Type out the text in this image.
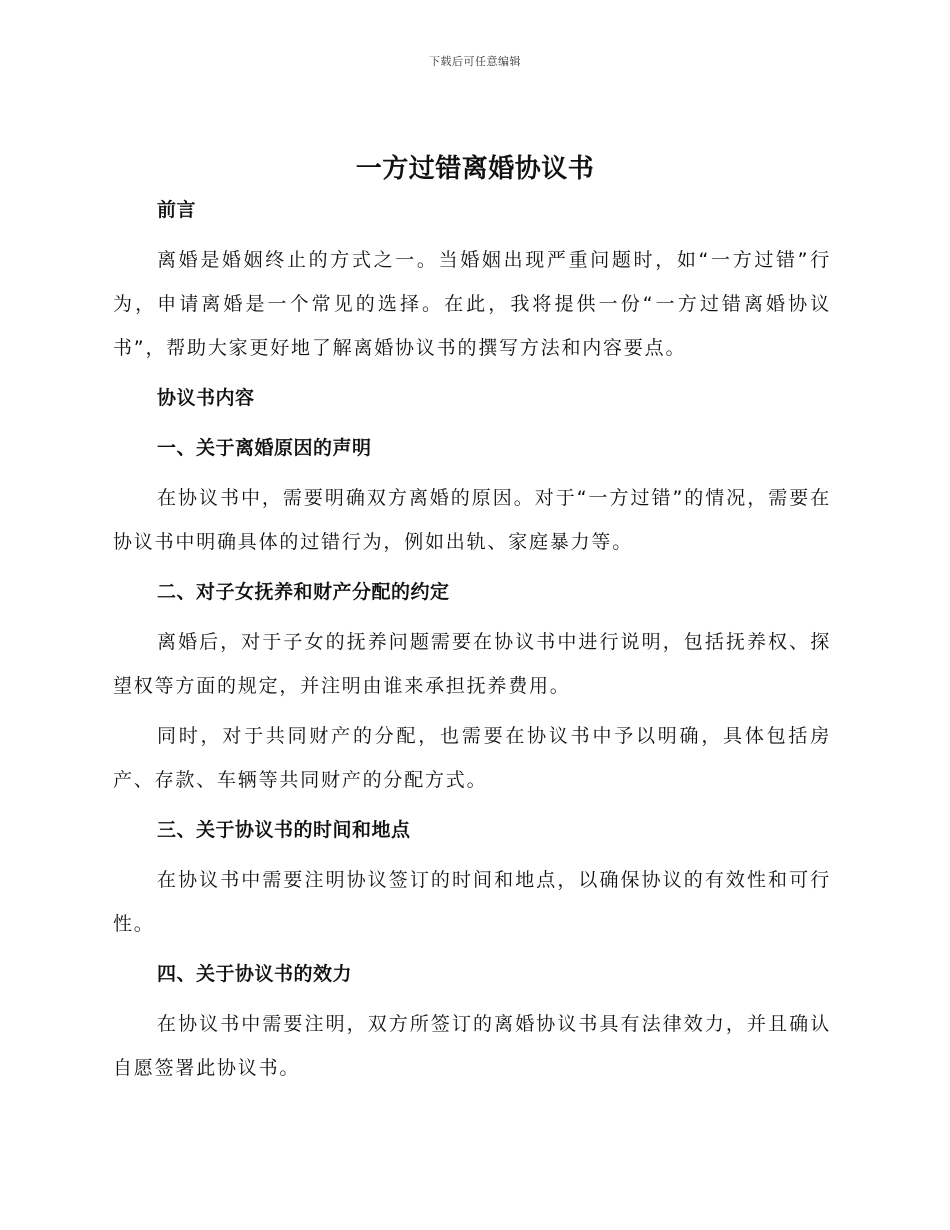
下载后可任意编辑
一方过错离婚协议书

前言

离婚是婚姻终止的方式之一。当婚姻出现严重问题时，如“一方过错”行为，申请离婚是一个常见的选择。在此，我将提供一份“一方过错离婚协议书”，帮助大家更好地了解离婚协议书的撰写方法和内容要点。

协议书内容

一、关于离婚原因的声明

在协议书中，需要明确双方离婚的原因。对于“一方过错”的情况，需要在协议书中明确具体的过错行为，例如出轨、家庭暴力等。

二、对子女抚养和财产分配的约定

离婚后，对于子女的抚养问题需要在协议书中进行说明，包括抚养权、探望权等方面的规定，并注明由谁来承担抚养费用。

同时，对于共同财产的分配，也需要在协议书中予以明确，具体包括房产、存款、车辆等共同财产的分配方式。

三、关于协议书的时间和地点

在协议书中需要注明协议签订的时间和地点，以确保协议的有效性和可行性。

四、关于协议书的效力

在协议书中需要注明，双方所签订的离婚协议书具有法律效力，并且确认自愿签署此协议书。
